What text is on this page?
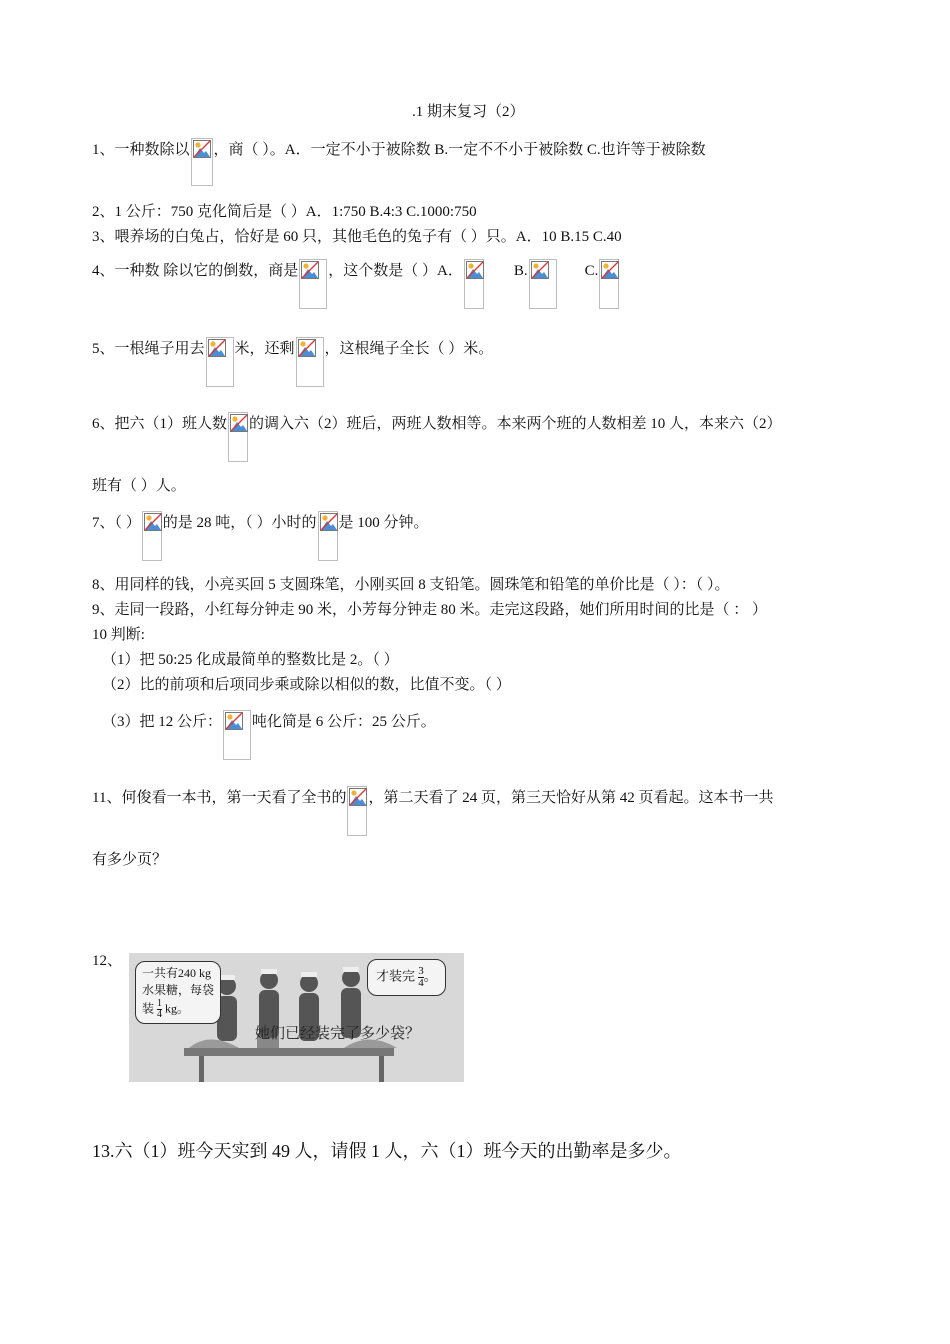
.1 期末复习（2）
1、一种数除以 ，商（ ）。A．一定不小于被除数 B.一定不不小于被除数 C.也许等于被除数
2、1 公斤：750 克化简后是（ ）A．1:750 B.4:3 C.1000:750
3、喂养场的白兔占，恰好是 60 只，其他毛色的兔子有（ ）只。A．10 B.15 C.40
4、一种数 除以它的倒数，商是 ，这个数是（ ）A．	B.	C.
5、一根绳子用去 米，还剩 ，这根绳子全长（ ）米。
6、把六（1）班人数 的调入六（2）班后，两班人数相等。本来两个班的人数相差 10 人，本来六（2）
班有（ ）人。
7、（ ） 的是 28 吨，（ ）小时的 是 100 分钟。
8、用同样的钱，小亮买回 5 支圆珠笔，小刚买回 8 支铅笔。圆珠笔和铅笔的单价比是（ ）：（ ）。
9、走同一段路，小红每分钟走 90 米，小芳每分钟走 80 米。走完这段路，她们所用时间的比是（ ： ）
10 判断:
（1）把 50:25 化成最简单的整数比是 2。（ ）
（2）比的前项和后项同步乘或除以相似的数，比值不变。（ ）
（3）把 12 公斤： 吨化简是 6 公斤：25 公斤。
11、何俊看一本书，第一天看了全书的 ，第二天看了 24 页，第三天恰好从第 42 页看起。这本书一共
有多少页？
12、
一共有240 kg
水果糖，每袋
装 $\frac{1}{4}$ kg。
才装完 $\frac{3}{4}$ 。
她们已经装完了多少袋？
13.六（1）班今天实到 49 人，请假 1 人，六（1）班今天的出勤率是多少。
